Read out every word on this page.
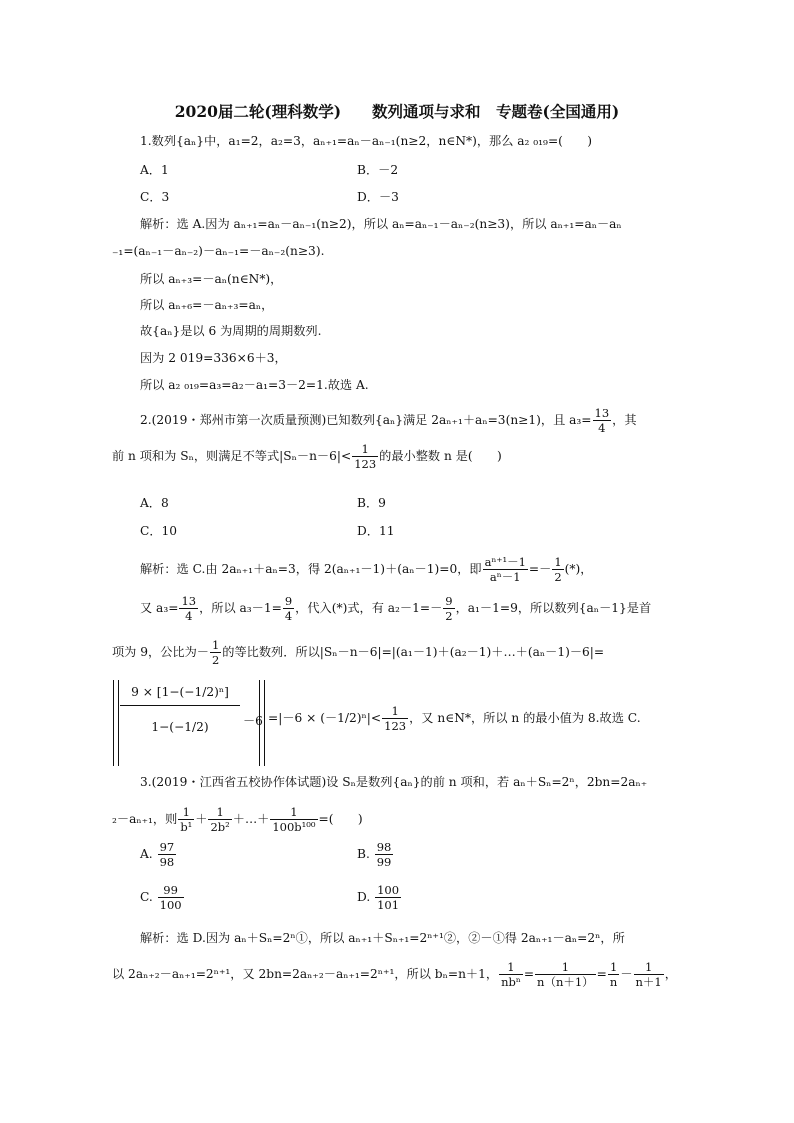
2020届二轮(理科数学)　　数列通项与求和　专题卷(全国通用)
1.数列{aₙ}中，a₁=2，a₂=3，aₙ₊₁=aₙ－aₙ₋₁(n≥2，n∈N*)，那么 a₂ ₀₁₉=(　　)
A．1	B．－2
C．3	D．－3
解析：选 A.因为 aₙ₊₁=aₙ－aₙ₋₁(n≥2)，所以 aₙ=aₙ₋₁－aₙ₋₂(n≥3)，所以 aₙ₊₁=aₙ－aₙ
₋₁=(aₙ₋₁－aₙ₋₂)－aₙ₋₁=－aₙ₋₂(n≥3).
所以 aₙ₊₃=－aₙ(n∈N*)，
所以 aₙ₊₆=－aₙ₊₃=aₙ，
故{aₙ}是以 6 为周期的周期数列.
因为 2 019=336×6＋3，
所以 a₂ ₀₁₉=a₃=a₂－a₁=3－2=1.故选 A.
2.(2019・郑州市第一次质量预测)已知数列{aₙ}满足 2aₙ₊₁＋aₙ=3(n≥1)，且 $a_3= \frac{13}{4}$ ，其
前 n 项和为 Sₙ，则满足不等式$|S_n-n-6|< \frac{1}{123}$ 的最小整数 n 是(　　)
A．8	B．9
C．10	D．11
解析：选 C.由 2aₙ₊₁＋aₙ=3，得 2(aₙ₊₁－1)＋(aₙ－1)=0，即 $\frac{\text{aⁿ⁺¹－1}}{\text{aⁿ－1}} =- \frac{1}{2}$ (*)，
又 $a_3= \frac{13}{4}$ ，所以 $a_3-1= \frac{9}{4}$ ，代入(*)式，有 $a_2-1=- \frac{9}{2}$ ，a₁－1=9，所以数列{aₙ－1}是首
项为 9，公比为－ $\frac{1}{2}$ 的等比数列．所以|Sₙ－n－6|=|(a₁－1)＋(a₂－1)＋…＋(aₙ－1)－6|=
$\frac{\text{9 × [1−(−1/2)ⁿ]}}{1-(-1/2)} -6 =|-6 \times (-1/2)^n|< \frac{1}{123}$ ，又 n∈N*，所以 n 的最小值为 8.故选 C.
3.(2019・江西省五校协作体试题)设 Sₙ是数列{aₙ}的前 n 项和，若 aₙ＋Sₙ=2ⁿ，2bn=2aₙ₊
₂－aₙ₊₁，则 $\frac{1}{\text{b¹}} + \frac{1}{\text{2b²}}$ ＋…＋ $\frac{1}{\text{100b¹⁰⁰}}$ =(　　)
A. $\frac{97}{98}$	B. $\frac{98}{99}$
C. $\frac{99}{100}$	D. $\frac{100}{101}$
解析：选 D.因为 aₙ＋Sₙ=2ⁿ①，所以 aₙ₊₁＋Sₙ₊₁=2ⁿ⁺¹②，②－①得 2aₙ₊₁－aₙ=2ⁿ，所
以 2aₙ₊₂－aₙ₊₁=2ⁿ⁺¹，又 2bn=2aₙ₊₂－aₙ₊₁=2ⁿ⁺¹，所以 bₙ=n＋1， $\frac{1}{\text{nbⁿ}} = \frac{1}{n(n+1)} = \frac{1}{n} - \frac{1}{n+1}$ ，
